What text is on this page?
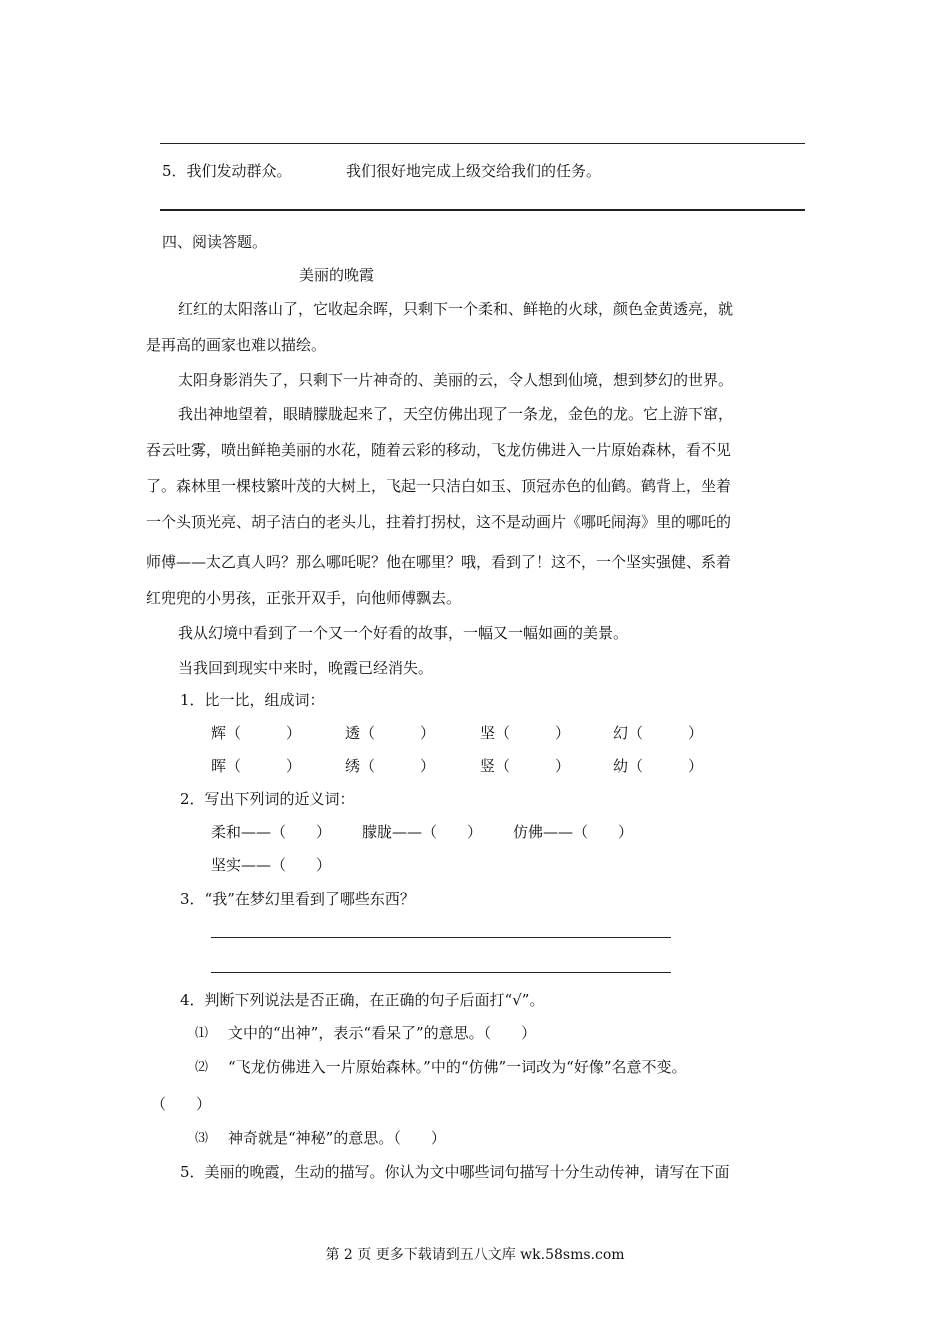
5．我们发动群众。	我们很好地完成上级交给我们的任务。
四、阅读答题。
美丽的晚霞
红红的太阳落山了，它收起余晖，只剩下一个柔和、鲜艳的火球，颜色金黄透亮，就
是再高的画家也难以描绘。
太阳身影消失了，只剩下一片神奇的、美丽的云，令人想到仙境，想到梦幻的世界。
我出神地望着，眼睛朦胧起来了，天空仿佛出现了一条龙，金色的龙。它上游下窜，
吞云吐雾，喷出鲜艳美丽的水花，随着云彩的移动，飞龙仿佛进入一片原始森林，看不见
了。森林里一棵枝繁叶茂的大树上，飞起一只洁白如玉、顶冠赤色的仙鹤。鹤背上，坐着
一个头顶光亮、胡子洁白的老头儿，拄着打拐杖，这不是动画片《哪吒闹海》里的哪吒的
师傅——太乙真人吗？那么哪吒呢？他在哪里？哦，看到了！这不，一个坚实强健、系着
红兜兜的小男孩，正张开双手，向他师傅飘去。
我从幻境中看到了一个又一个好看的故事，一幅又一幅如画的美景。
当我回到现实中来时，晚霞已经消失。
1．比一比，组成词：
辉（　　　）	透（　　　）	坚（　　　）	幻（　　　）
晖（　　　）	绣（　　　）	竖（　　　）	幼（　　　）
2．写出下列词的近义词：
柔和——（　　） 朦胧——（　　） 仿佛——（　　）
坚实——（　　）
3．“我”在梦幻里看到了哪些东西？
4．判断下列说法是否正确，在正确的句子后面打“√”。
⑴ 文中的“出神”，表示“看呆了”的意思。（　　）
⑵ “飞龙仿佛进入一片原始森林。”中的“仿佛”一词改为“好像”名意不变。
（　　）
⑶ 神奇就是“神秘”的意思。（　　）
5．美丽的晚霞，生动的描写。你认为文中哪些词句描写十分生动传神，请写在下面
第 2 页 更多下载请到五八文库 wk.58sms.com
